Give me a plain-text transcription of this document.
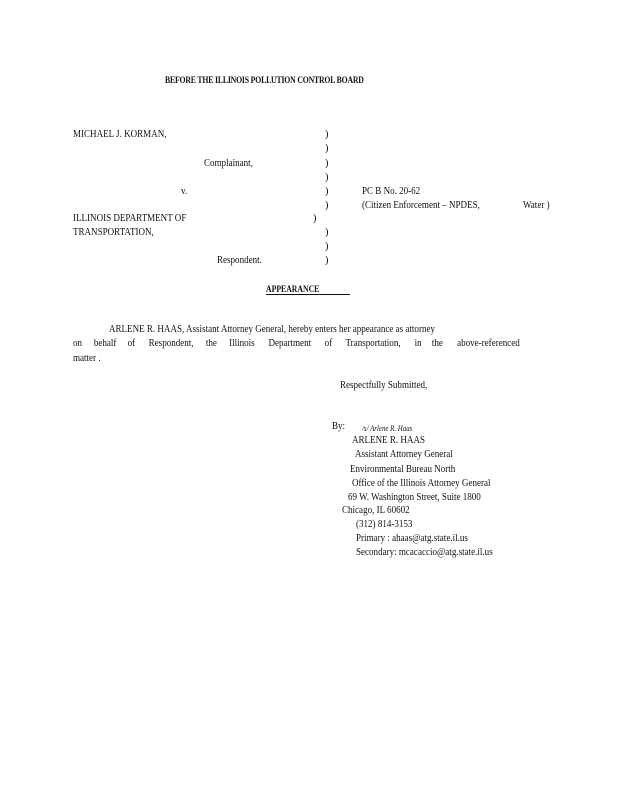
BEFORE THE ILLINOIS POLLUTION CONTROL BOARD
MICHAEL J. KORMAN,
Complainant,
v.
ILLINOIS DEPARTMENT OF
TRANSPORTATION,
Respondent.
)
)
)
)
)
)
)
)
)
)
PC B No. 20-62
(Citizen Enforcement – NPDES,	Water )
APPEARANCE
ARLENE R. HAAS, Assistant Attorney General, hereby enters her appearance as attorney
on behalf of Respondent, the Illinois Department of Transportation, in the above-referenced
matter .
Respectfully Submitted,
By: /s/ Arlene R. Haas
ARLENE R. HAAS
Assistant Attorney General
Environmental Bureau North
Office of the Illinois Attorney General
69 W. Washington Street, Suite 1800
Chicago, IL 60602
(312) 814-3153
Primary : ahaas@atg.state.il.us
Secondary: mcacaccio@atg.state.il.us
